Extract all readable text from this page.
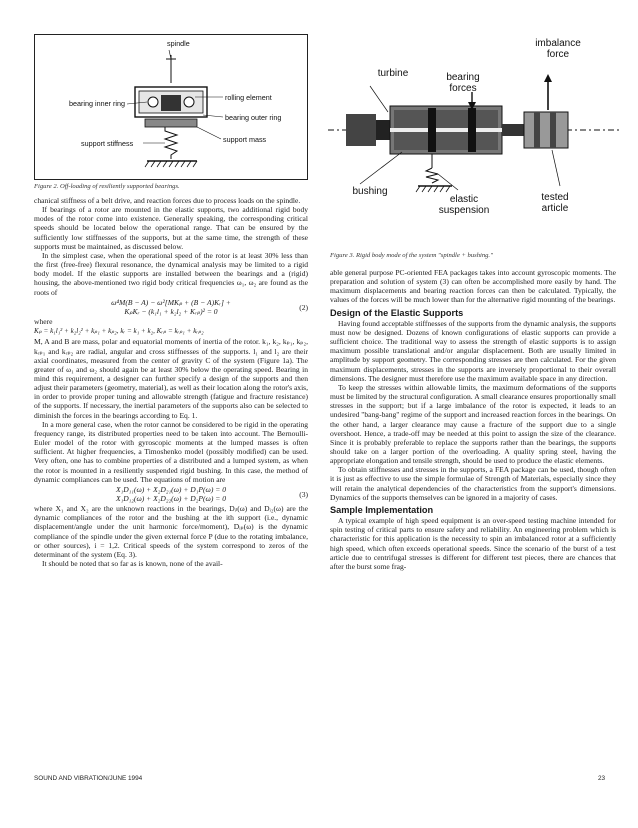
spindle
rolling element
bearing inner ring
bearing outer ring
support stiffness	support mass
Figure 2. Off-loading of resiliently supported bearings.
imbalance
force
turbine	bearing
forces
bushing
elastic
suspension
tested
article
Figure 3. Rigid body mode of the system "spindle + bushing."

chanical stiffness of a belt drive, and reaction forces due to process loads on the spindle.

If bearings of a rotor are mounted in the elastic supports, two additional rigid body modes of the rotor come into existence. Generally speaking, the corresponding critical speeds should be located below the operational range. That can be ensured by the sufficiently low stiffnesses of the supports, but at the same time, the strength of these supports must be maintained, as discussed below.

In the simplest case, when the operational speed of the rotor is at least 30% less than the first (free-free) flexural resonance, the dynamical analysis may be limited to a rigid body model. If the elastic supports are installed between the bearings and a (rigid) housing, the above-mentioned two rigid body critical frequencies ω₁, ω₂ are found as the roots of

ω⁴M(B − A) − ω²[MKₚ + (B − A)Kᵣ] +
KₚKᵣ − (k₁l₁ + k₂l₂ + Kᵣₚ)² = 0	(2)

where

Kₚ = k₁l₁² + k₂l₂² + kₚ₁ + kₚ₂, kᵣ = k₁ + k₂, Kᵣₚ = kᵣₚ₁ + kᵣₚ₂

M, A and B are mass, polar and equatorial moments of inertia of the rotor. k₁, k₂, kₚ₁, kₚ₂, kᵣₚ₁ and kᵣₚ₂ are radial, angular and cross stiffnesses of the supports. l₁ and l₂ are their axial coordinates, measured from the center of gravity C of the system (Figure 1a). The greater of ω₁ and ω₂ should again be at least 30% below the operating speed. Bearing in mind this requirement, a designer can further specify a design of the supports and then adjust their parameters (geometry, material), as well as their location along the rotor's axis, in order to provide proper tuning and allowable strength (fatigue and fracture resistance) of the supports. If necessary, the inertial parameters of the supports also can be selected to diminish the forces in the bearings according to Eq. 1.

In a more general case, when the rotor cannot be considered to be rigid in the operating frequency range, its distributed properties need to be taken into account. The Bernoulli-Euler model of the rotor with gyroscopic moments at the lumped masses is often sufficient. At higher frequencies, a Timoshenko model (possibly modified) can be used. Very often, one has to combine properties of a distributed and a lumped system, as when the rotor is mounted in a resiliently suspended rigid bushing. In this case, the method of dynamic compliances can be used. The equations of motion are

X₁D₁₁(ω) + X₂D₂₁(ω) + D₁P(ω) = 0
X₁D₁₂(ω) + X₂D₂₂(ω) + D₂P(ω) = 0	(3)

where X₁ and X₂ are the unknown reactions in the bearings, Dᵢₗ(ω) and Dᵢ₂(ω) are the dynamic compliances of the rotor and the bushing at the ith support (i.e., dynamic displacement/angle under the unit harmonic force/moment), Dᵢₚ(ω) is the dynamic compliance of the spindle under the given external force P (due to the rotating imbalance, or other sources), i = 1,2. Critical speeds of the system correspond to zeros of the determinant of the system (Eq. 3).

It should be noted that so far as is known, none of the avail-

able general purpose PC-oriented FEA packages takes into account gyroscopic moments. The preparation and solution of system (3) can often be accomplished more easily by hand. The maximum displacements and bearing reaction forces can then be calculated. Typically, the values of the forces will be much lower than for the alternative rigid mounting of the bearings.

Design of the Elastic Supports

Having found acceptable stiffnesses of the supports from the dynamic analysis, the supports must now be designed. Dozens of known configurations of elastic supports can provide a sufficient choice. The traditional way to assess the strength of elastic supports is to assign maximum possible translational and/or angular displacement. Both are usually limited in amplitude by support geometry. The corresponding stresses are then calculated. For the given maximum displacements, stresses in the supports are inversely proportional to their overall dimensions. The designer must therefore use the maximum available space in any direction.

To keep the stresses within allowable limits, the maximum deformations of the supports must be limited by the structural configuration. A small clearance ensures proportionally small stresses in the support; but if a large imbalance of the rotor is expected, it leads to an undesired "bang-bang" regime of the support and increased reaction forces in the bearings. On the other hand, a larger clearance may cause a fracture of the support due to a single overshoot. Hence, a trade-off may be needed at this point to assign the size of the clearance. Since it is probably preferable to replace the supports rather than the bearings, the supports should take on a larger portion of the overloading. A quality spring steel, having the appropriate elongation and tensile strength, should be used to produce the elastic elements.

To obtain stiffnesses and stresses in the supports, a FEA package can be used, though often it is just as effective to use the simple formulae of Strength of Materials, especially since they will retain the analytical dependencies of the characteristics from the support's dimensions. Dynamics of the supports themselves can be ignored in a majority of cases.

Sample Implementation

A typical example of high speed equipment is an over-speed testing machine intended for spin testing of critical parts to ensure safety and reliability. An engineering problem which is characteristic for this application is the necessity to spin an imbalanced rotor at a sufficiently high speed, which often exceeds operational speeds. Since the scenario of the burst of a test article due to centrifugal stresses is different for different test pieces, there are chances that after the burst some frag-

SOUND AND VIBRATION/JUNE 1994	23
